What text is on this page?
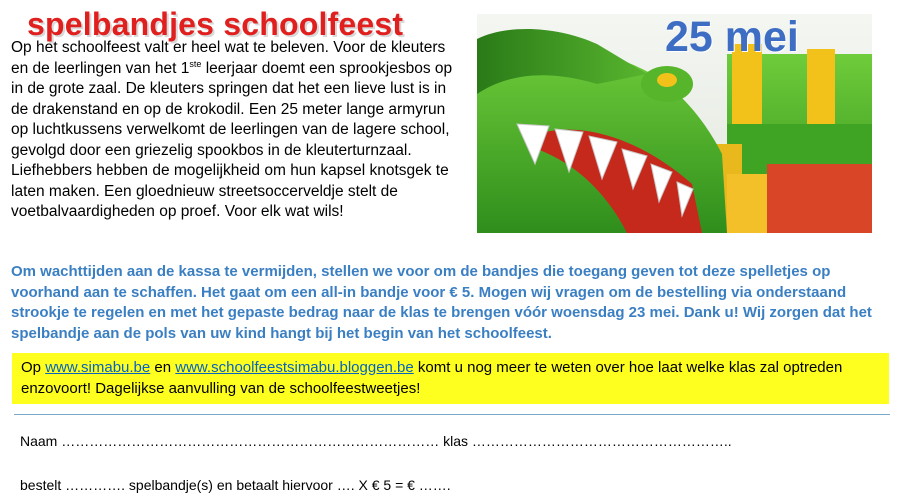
spelbandjes schoolfeest
Op het schoolfeest valt er heel wat te beleven. Voor de kleuters en de leerlingen van het 1ste leerjaar doemt een sprookjesbos op in de grote zaal. De kleuters springen dat het een lieve lust is in de drakenstand en op de krokodil. Een 25 meter lange armyrun op luchtkussens verwelkomt de leerlingen van de lagere school, gevolgd door een griezelig spookbos in de kleuterturnzaal. Liefhebbers hebben de mogelijkheid om hun kapsel knotsgek te laten maken. Een gloednieuw streetsoccerveldje stelt de voetbalvaardigheden op proef. Voor elk wat wils!
25 mei
Om wachttijden aan de kassa te vermijden, stellen we voor om de bandjes die toegang geven tot deze spelletjes op voorhand aan te schaffen. Het gaat om een all-in bandje voor € 5. Mogen wij vragen om de bestelling via onderstaand strookje te regelen en met het gepaste bedrag naar de klas te brengen vóór woensdag 23 mei. Dank u! Wij zorgen dat het spelbandje aan de pols van uw kind hangt bij het begin van het schoolfeest.
Op www.simabu.be en www.schoolfeestsimabu.bloggen.be komt u nog meer te weten over hoe laat welke klas zal optreden enzovoort! Dagelijkse aanvulling van de schoolfeestweetjes!
Naam ……………………………………………………………………… klas ………………………………………………..
bestelt …………. spelbandje(s) en betaalt hiervoor …. X € 5 = € …….
